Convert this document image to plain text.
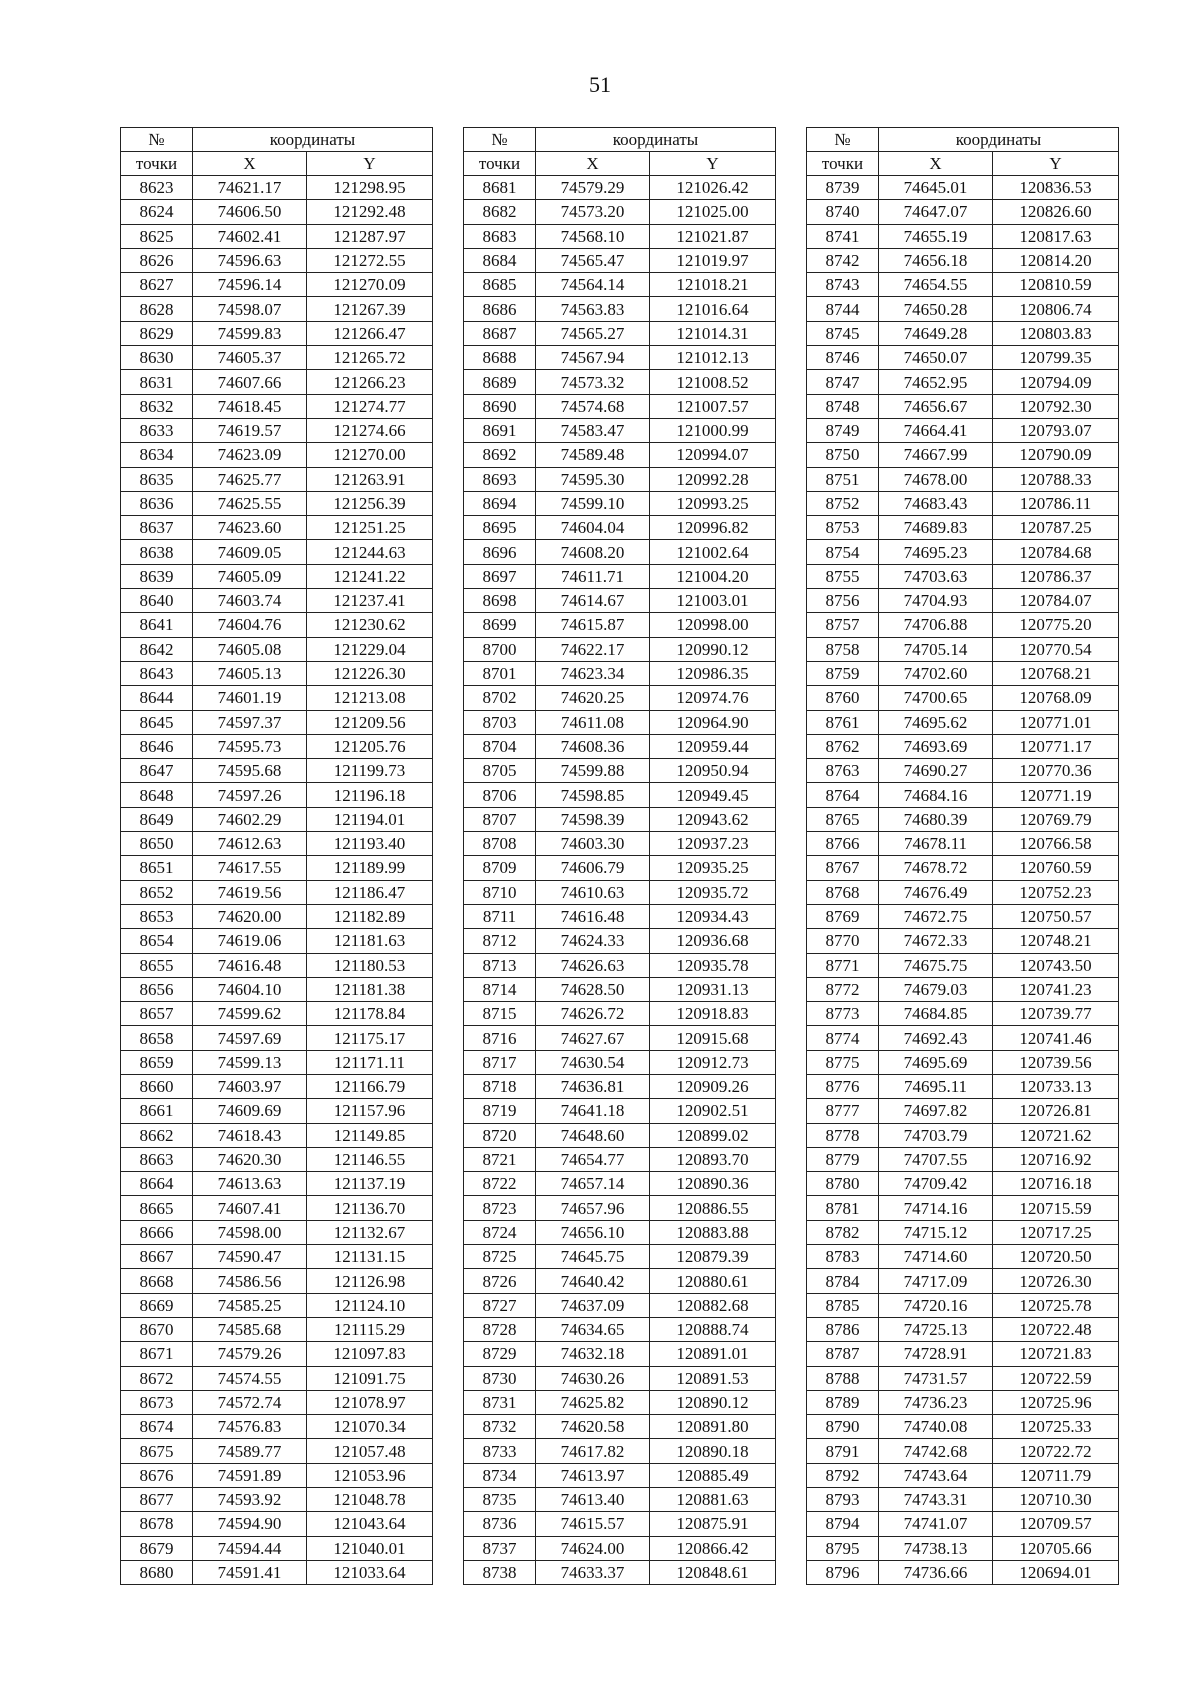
51
№	координаты	
точки	X	Y
8623	74621.17	121298.95
8624	74606.50	121292.48
8625	74602.41	121287.97
8626	74596.63	121272.55
8627	74596.14	121270.09
8628	74598.07	121267.39
8629	74599.83	121266.47
8630	74605.37	121265.72
8631	74607.66	121266.23
8632	74618.45	121274.77
8633	74619.57	121274.66
8634	74623.09	121270.00
8635	74625.77	121263.91
8636	74625.55	121256.39
8637	74623.60	121251.25
8638	74609.05	121244.63
8639	74605.09	121241.22
8640	74603.74	121237.41
8641	74604.76	121230.62
8642	74605.08	121229.04
8643	74605.13	121226.30
8644	74601.19	121213.08
8645	74597.37	121209.56
8646	74595.73	121205.76
8647	74595.68	121199.73
8648	74597.26	121196.18
8649	74602.29	121194.01
8650	74612.63	121193.40
8651	74617.55	121189.99
8652	74619.56	121186.47
8653	74620.00	121182.89
8654	74619.06	121181.63
8655	74616.48	121180.53
8656	74604.10	121181.38
8657	74599.62	121178.84
8658	74597.69	121175.17
8659	74599.13	121171.11
8660	74603.97	121166.79
8661	74609.69	121157.96
8662	74618.43	121149.85
8663	74620.30	121146.55
8664	74613.63	121137.19
8665	74607.41	121136.70
8666	74598.00	121132.67
8667	74590.47	121131.15
8668	74586.56	121126.98
8669	74585.25	121124.10
8670	74585.68	121115.29
8671	74579.26	121097.83
8672	74574.55	121091.75
8673	74572.74	121078.97
8674	74576.83	121070.34
8675	74589.77	121057.48
8676	74591.89	121053.96
8677	74593.92	121048.78
8678	74594.90	121043.64
8679	74594.44	121040.01
8680	74591.41	121033.64
№	координаты	
точки	X	Y
8681	74579.29	121026.42
8682	74573.20	121025.00
8683	74568.10	121021.87
8684	74565.47	121019.97
8685	74564.14	121018.21
8686	74563.83	121016.64
8687	74565.27	121014.31
8688	74567.94	121012.13
8689	74573.32	121008.52
8690	74574.68	121007.57
8691	74583.47	121000.99
8692	74589.48	120994.07
8693	74595.30	120992.28
8694	74599.10	120993.25
8695	74604.04	120996.82
8696	74608.20	121002.64
8697	74611.71	121004.20
8698	74614.67	121003.01
8699	74615.87	120998.00
8700	74622.17	120990.12
8701	74623.34	120986.35
8702	74620.25	120974.76
8703	74611.08	120964.90
8704	74608.36	120959.44
8705	74599.88	120950.94
8706	74598.85	120949.45
8707	74598.39	120943.62
8708	74603.30	120937.23
8709	74606.79	120935.25
8710	74610.63	120935.72
8711	74616.48	120934.43
8712	74624.33	120936.68
8713	74626.63	120935.78
8714	74628.50	120931.13
8715	74626.72	120918.83
8716	74627.67	120915.68
8717	74630.54	120912.73
8718	74636.81	120909.26
8719	74641.18	120902.51
8720	74648.60	120899.02
8721	74654.77	120893.70
8722	74657.14	120890.36
8723	74657.96	120886.55
8724	74656.10	120883.88
8725	74645.75	120879.39
8726	74640.42	120880.61
8727	74637.09	120882.68
8728	74634.65	120888.74
8729	74632.18	120891.01
8730	74630.26	120891.53
8731	74625.82	120890.12
8732	74620.58	120891.80
8733	74617.82	120890.18
8734	74613.97	120885.49
8735	74613.40	120881.63
8736	74615.57	120875.91
8737	74624.00	120866.42
8738	74633.37	120848.61
№	координаты	
точки	X	Y
8739	74645.01	120836.53
8740	74647.07	120826.60
8741	74655.19	120817.63
8742	74656.18	120814.20
8743	74654.55	120810.59
8744	74650.28	120806.74
8745	74649.28	120803.83
8746	74650.07	120799.35
8747	74652.95	120794.09
8748	74656.67	120792.30
8749	74664.41	120793.07
8750	74667.99	120790.09
8751	74678.00	120788.33
8752	74683.43	120786.11
8753	74689.83	120787.25
8754	74695.23	120784.68
8755	74703.63	120786.37
8756	74704.93	120784.07
8757	74706.88	120775.20
8758	74705.14	120770.54
8759	74702.60	120768.21
8760	74700.65	120768.09
8761	74695.62	120771.01
8762	74693.69	120771.17
8763	74690.27	120770.36
8764	74684.16	120771.19
8765	74680.39	120769.79
8766	74678.11	120766.58
8767	74678.72	120760.59
8768	74676.49	120752.23
8769	74672.75	120750.57
8770	74672.33	120748.21
8771	74675.75	120743.50
8772	74679.03	120741.23
8773	74684.85	120739.77
8774	74692.43	120741.46
8775	74695.69	120739.56
8776	74695.11	120733.13
8777	74697.82	120726.81
8778	74703.79	120721.62
8779	74707.55	120716.92
8780	74709.42	120716.18
8781	74714.16	120715.59
8782	74715.12	120717.25
8783	74714.60	120720.50
8784	74717.09	120726.30
8785	74720.16	120725.78
8786	74725.13	120722.48
8787	74728.91	120721.83
8788	74731.57	120722.59
8789	74736.23	120725.96
8790	74740.08	120725.33
8791	74742.68	120722.72
8792	74743.64	120711.79
8793	74743.31	120710.30
8794	74741.07	120709.57
8795	74738.13	120705.66
8796	74736.66	120694.01
